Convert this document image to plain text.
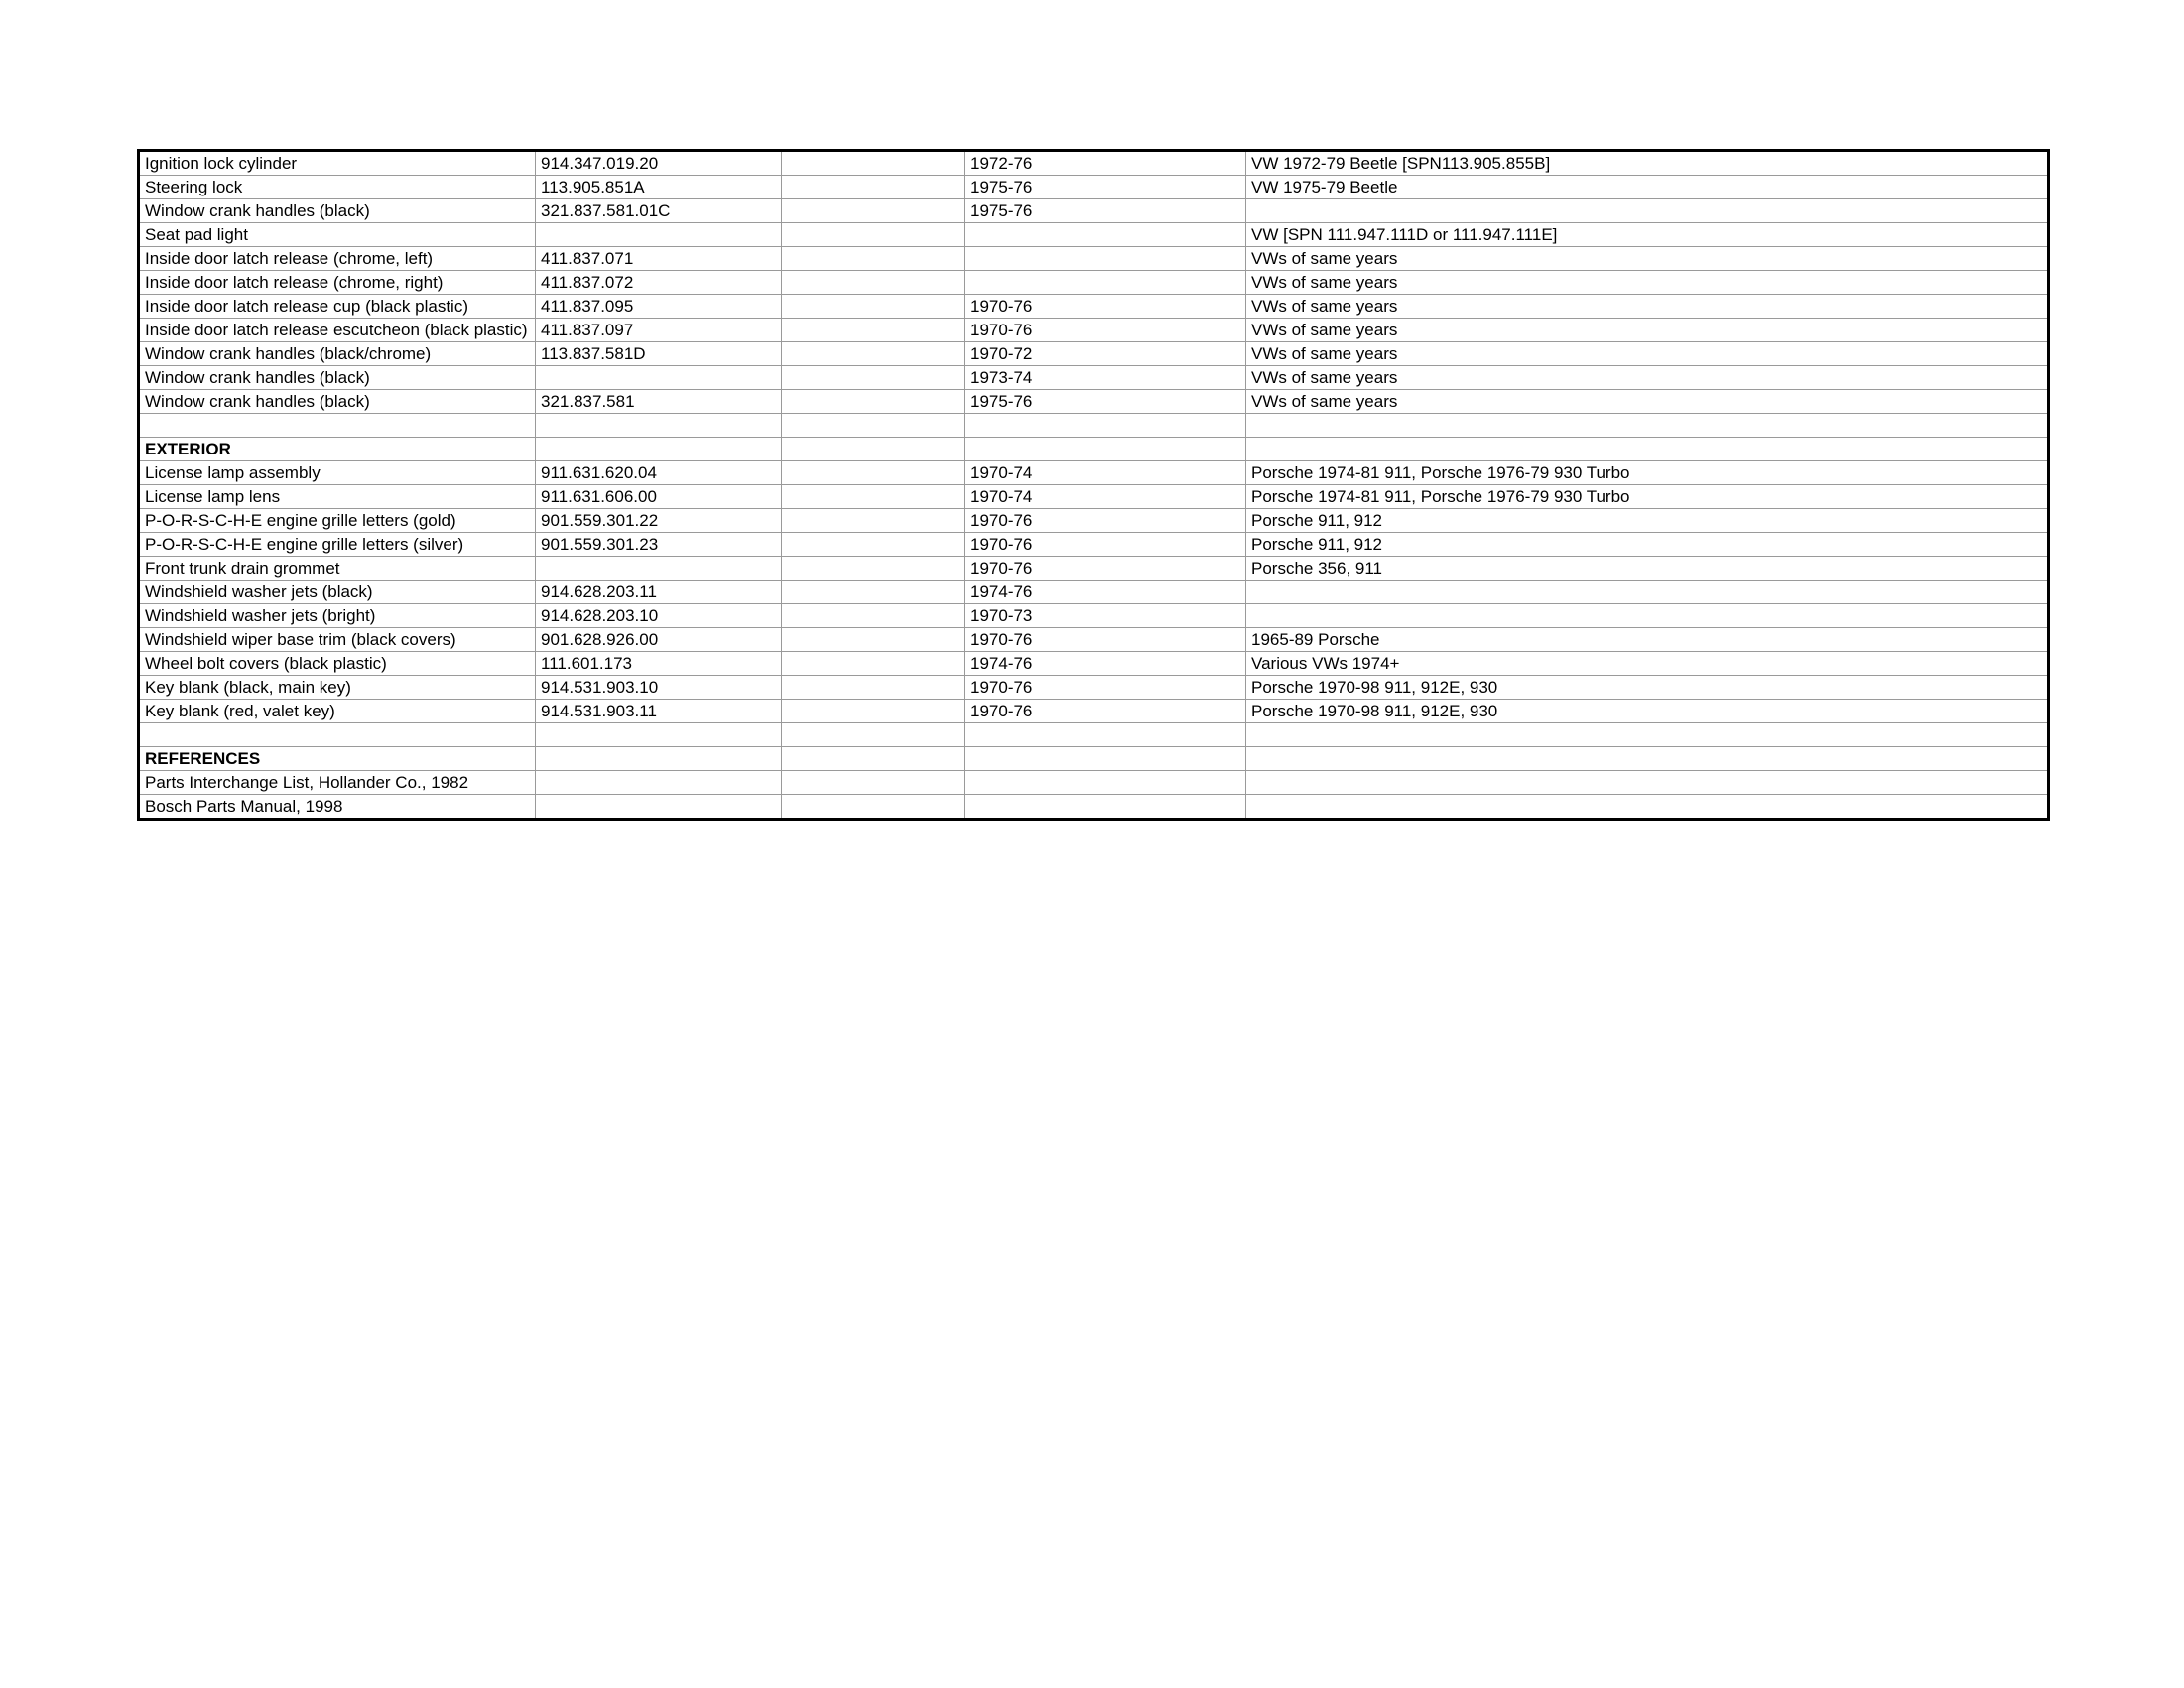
Ignition lock cylinder	914.347.019.20		1972-76	VW 1972-79 Beetle [SPN113.905.855B]
Steering lock	113.905.851A		1975-76	VW 1975-79 Beetle
Window crank handles (black)	321.837.581.01C		1975-76	
Seat pad light				VW [SPN 111.947.111D or 111.947.111E]
Inside door latch release (chrome, left)	411.837.071			VWs of same years
Inside door latch release (chrome, right)	411.837.072			VWs of same years
Inside door latch release cup (black plastic)	411.837.095		1970-76	VWs of same years
Inside door latch release escutcheon (black plastic)	411.837.097		1970-76	VWs of same years
Window crank handles (black/chrome)	113.837.581D		1970-72	VWs of same years
Window crank handles (black)			1973-74	VWs of same years
Window crank handles (black)	321.837.581		1975-76	VWs of same years

EXTERIOR				
License lamp assembly	911.631.620.04		1970-74	Porsche 1974-81 911, Porsche 1976-79 930 Turbo
License lamp lens	911.631.606.00		1970-74	Porsche 1974-81 911, Porsche 1976-79 930 Turbo
P-O-R-S-C-H-E engine grille letters (gold)	901.559.301.22		1970-76	Porsche 911, 912
P-O-R-S-C-H-E engine grille letters (silver)	901.559.301.23		1970-76	Porsche 911, 912
Front trunk drain grommet			1970-76	Porsche 356, 911
Windshield washer jets (black)	914.628.203.11		1974-76	
Windshield washer jets (bright)	914.628.203.10		1970-73	
Windshield wiper base trim (black covers)	901.628.926.00		1970-76	1965-89 Porsche
Wheel bolt covers (black plastic)	111.601.173		1974-76	Various VWs 1974+
Key blank (black, main key)	914.531.903.10		1970-76	Porsche 1970-98 911, 912E, 930
Key blank (red, valet key)	914.531.903.11		1970-76	Porsche 1970-98 911, 912E, 930

REFERENCES				
Parts Interchange List, Hollander Co., 1982				
Bosch Parts Manual, 1998				
